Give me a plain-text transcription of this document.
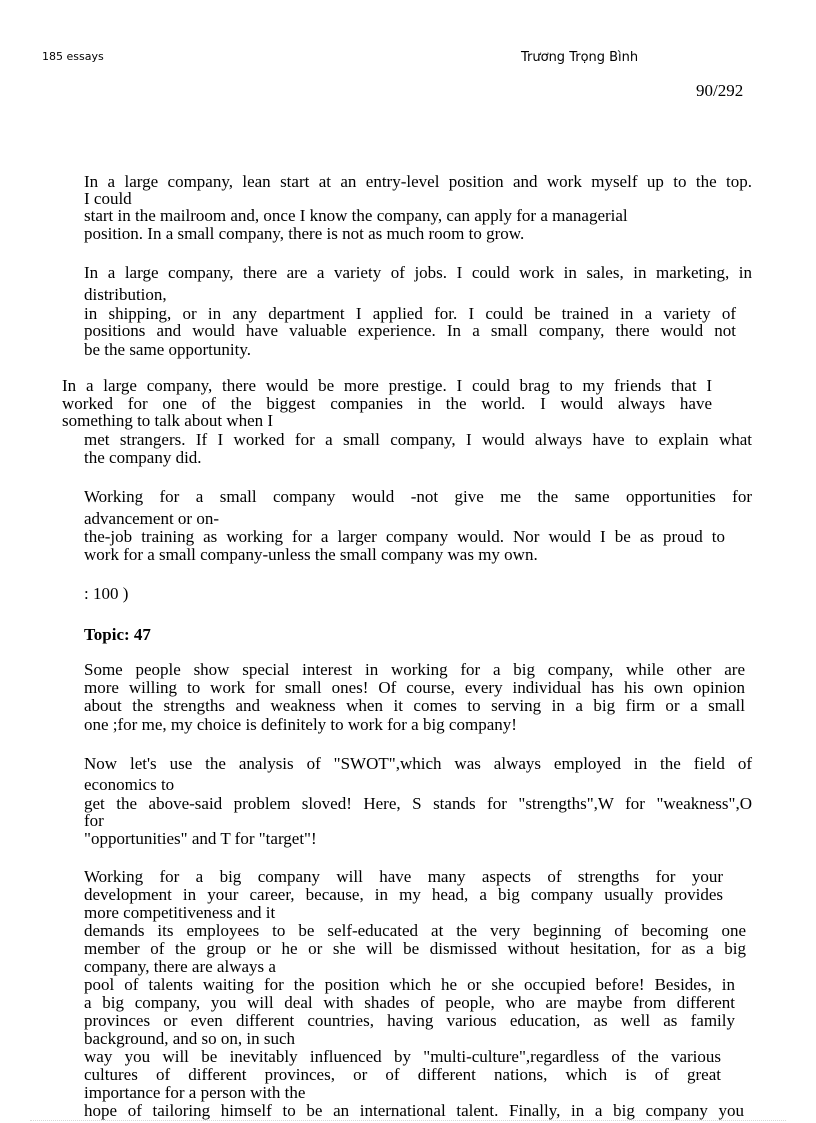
185 essays	Trương Trọng Bình
90/292
In a large company, lean start at an entry-level position and work myself up to the top.
I could
start in the mailroom and, once I know the company, can apply for a managerial
position. In a small company, there is not as much room to grow.
In a large company, there are a variety of jobs. I could work in sales, in marketing, in
distribution,
in shipping, or in any department I applied for. I could be trained in a variety of
positions and would have valuable experience. In a small company, there would not
be the same opportunity.
In a large company, there would be more prestige. I could brag to my friends that I
worked for one of the biggest companies in the world. I would always have
something to talk about when I
met strangers. If I worked for a small company, I would always have to explain what
the company did.
Working for a small company would -not give me the same opportunities for
advancement or on-
the-job training as working for a larger company would. Nor would I be as proud to
work for a small company-unless the small company was my own.
: 100 )
Topic: 47
Some people show special interest in working for a big company, while other are
more willing to work for small ones! Of course, every individual has his own opinion
about the strengths and weakness when it comes to serving in a big firm or a small
one ;for me, my choice is definitely to work for a big company!
Now let's use the analysis of "SWOT",which was always employed in the field of
economics to
get the above-said problem sloved! Here, S stands for "strengths",W for "weakness",O
for
"opportunities" and T for "target"!
Working for a big company will have many aspects of strengths for your
development in your career, because, in my head, a big company usually provides
more competitiveness and it
demands its employees to be self-educated at the very beginning of becoming one
member of the group or he or she will be dismissed without hesitation, for as a big
company, there are always a
pool of talents waiting for the position which he or she occupied before! Besides, in
a big company, you will deal with shades of people, who are maybe from different
provinces or even different countries, having various education, as well as family
background, and so on, in such
way you will be inevitably influenced by "multi-culture",regardless of the various
cultures of different provinces, or of different nations, which is of great
importance for a person with the
hope of tailoring himself to be an international talent. Finally, in a big company you
